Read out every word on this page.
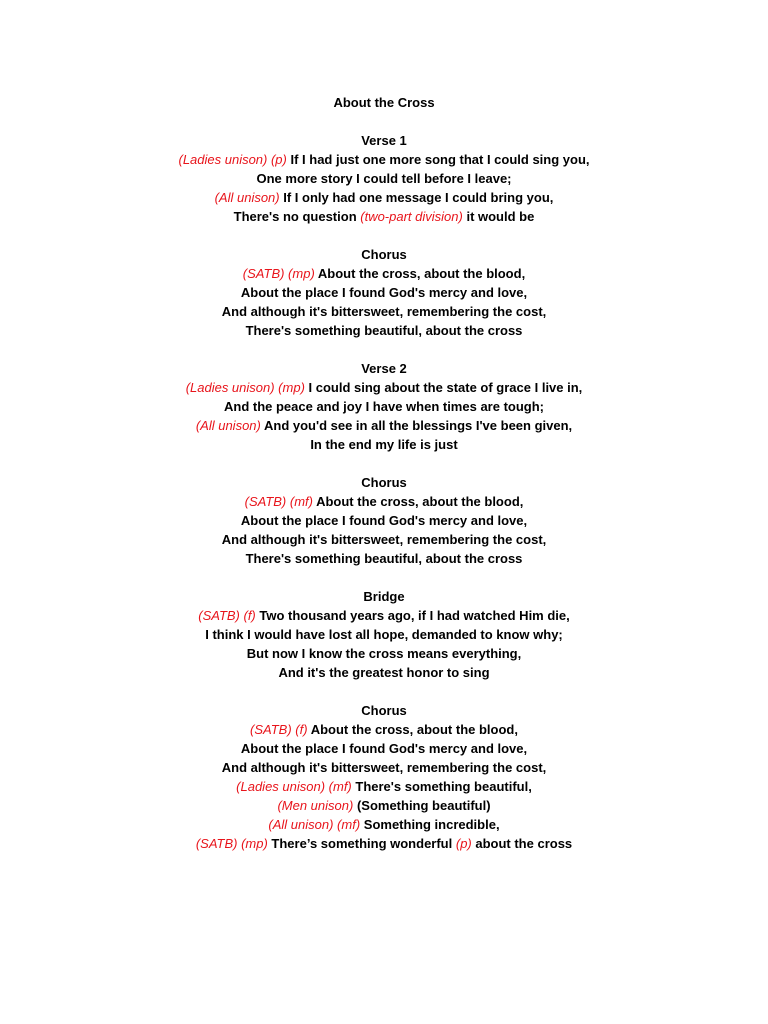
About the Cross
Verse 1
(Ladies unison) (p) If I had just one more song that I could sing you,
One more story I could tell before I leave;
(All unison) If I only had one message I could bring you,
There's no question (two-part division) it would be
Chorus
(SATB) (mp) About the cross, about the blood,
About the place I found God's mercy and love,
And although it's bittersweet, remembering the cost,
There's something beautiful, about the cross
Verse 2
(Ladies unison) (mp) I could sing about the state of grace I live in,
And the peace and joy I have when times are tough;
(All unison) And you'd see in all the blessings I've been given,
In the end my life is just
Chorus
(SATB) (mf) About the cross, about the blood,
About the place I found God's mercy and love,
And although it's bittersweet, remembering the cost,
There's something beautiful, about the cross
Bridge
(SATB) (f) Two thousand years ago, if I had watched Him die,
I think I would have lost all hope, demanded to know why;
But now I know the cross means everything,
And it's the greatest honor to sing
Chorus
(SATB) (f) About the cross, about the blood,
About the place I found God's mercy and love,
And although it's bittersweet, remembering the cost,
(Ladies unison) (mf) There's something beautiful,
(Men unison) (Something beautiful)
(All unison) (mf) Something incredible,
(SATB) (mp) There’s something wonderful (p) about the cross
